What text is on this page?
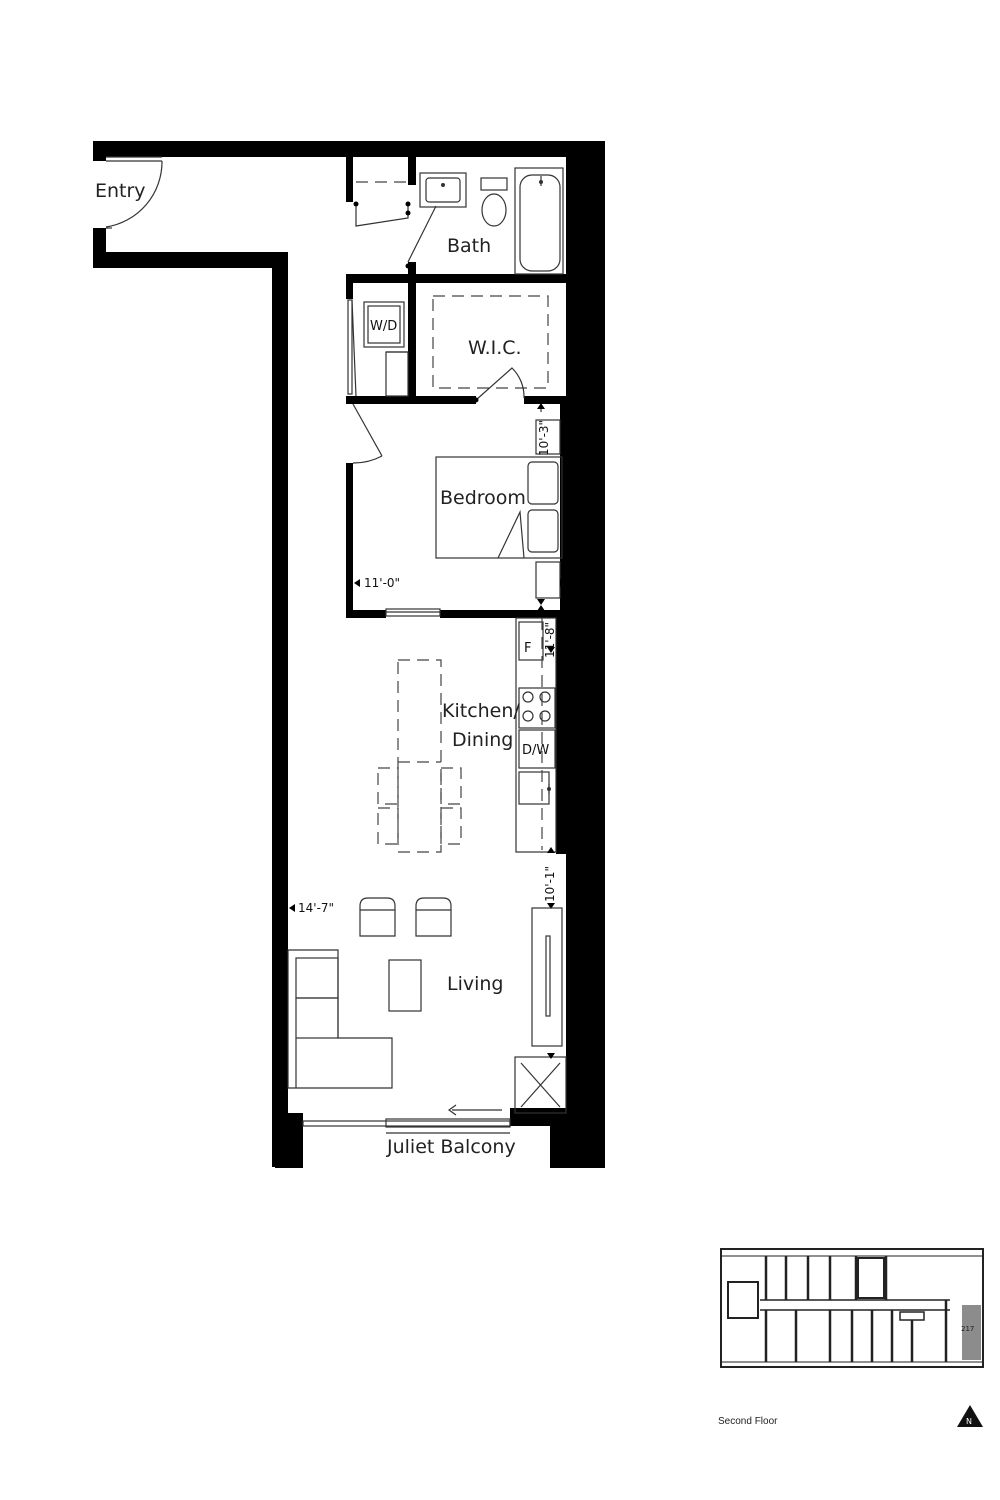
Entry
Bath
W/D
W.I.C.
Bedroom
11'-0"
10'-3"
F
D/W
11'-8"
Kitchen/
Dining
14'-7"
10'-1"
Living
Juliet Balcony
217
N
Second Floor
